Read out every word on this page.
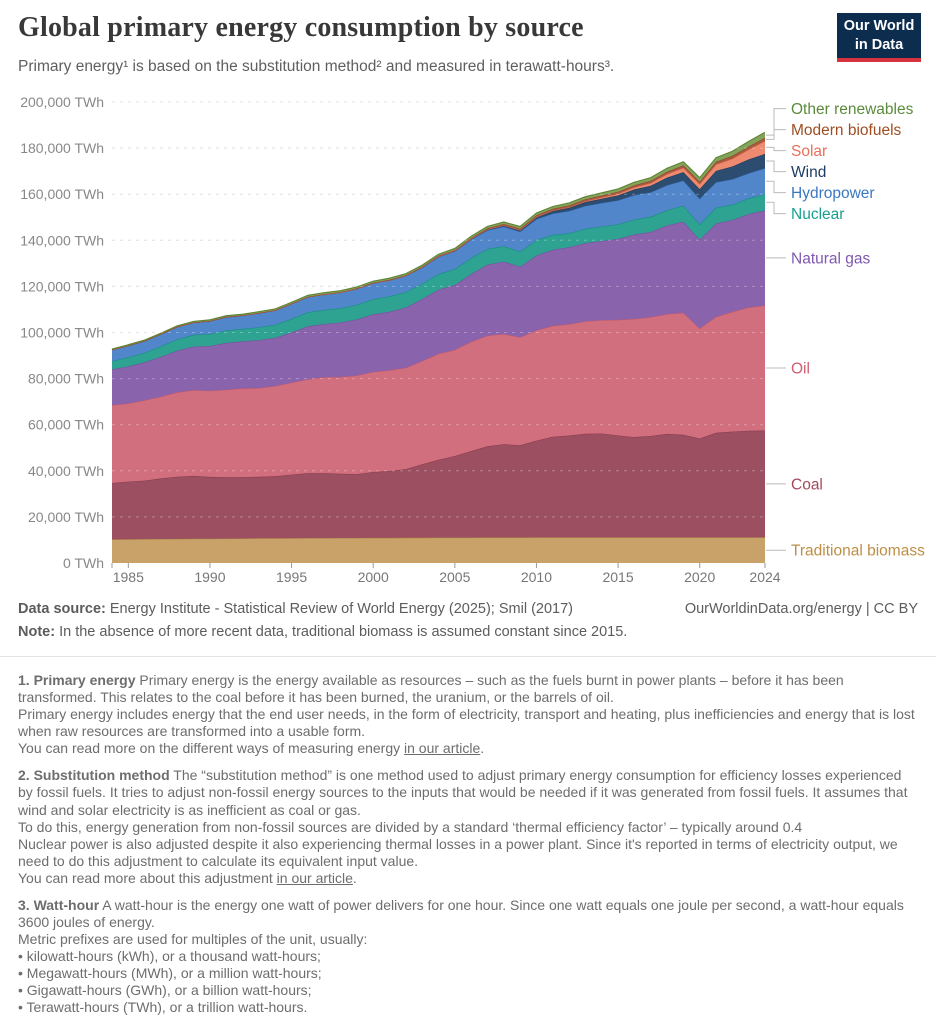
Global primary energy consumption by source	Our World
in Data

Primary energy¹ is based on the substitution method² and measured in terawatt-hours³.

0 TWh
20,000 TWh
40,000 TWh
60,000 TWh
80,000 TWh
100,000 TWh
120,000 TWh
140,000 TWh
160,000 TWh
180,000 TWh
200,000 TWh
1985	1990	1995	2000	2005	2010	2015	2020 2024
Other renewables
Modern biofuels
Solar
Wind
Hydropower
Nuclear
Natural gas
Oil
Coal
Traditional biomass

Data source: Energy Institute - Statistical Review of World Energy (2025); Smil (2017)	OurWorldinData.org/energy | CC BY

Note: In the absence of more recent data, traditional biomass is assumed constant since 2015.

1. Primary energy Primary energy is the energy available as resources – such as the fuels burnt in power plants – before it has been transformed. This relates to the coal before it has been burned, the uranium, or the barrels of oil.
Primary energy includes energy that the end user needs, in the form of electricity, transport and heating, plus inefficiencies and energy that is lost when raw resources are transformed into a usable form.
You can read more on the different ways of measuring energy in our article.

2. Substitution method The “substitution method” is one method used to adjust primary energy consumption for efficiency losses experienced by fossil fuels. It tries to adjust non-fossil energy sources to the inputs that would be needed if it was generated from fossil fuels. It assumes that wind and solar electricity is as inefficient as coal or gas.
To do this, energy generation from non-fossil sources are divided by a standard ‘thermal efficiency factor’ – typically around 0.4
Nuclear power is also adjusted despite it also experiencing thermal losses in a power plant. Since it's reported in terms of electricity output, we need to do this adjustment to calculate its equivalent input value.
You can read more about this adjustment in our article.

3. Watt-hour A watt-hour is the energy one watt of power delivers for one hour. Since one watt equals one joule per second, a watt-hour equals 3600 joules of energy.
Metric prefixes are used for multiples of the unit, usually:
• kilowatt-hours (kWh), or a thousand watt-hours;
• Megawatt-hours (MWh), or a million watt-hours;
• Gigawatt-hours (GWh), or a billion watt-hours;
• Terawatt-hours (TWh), or a trillion watt-hours.
